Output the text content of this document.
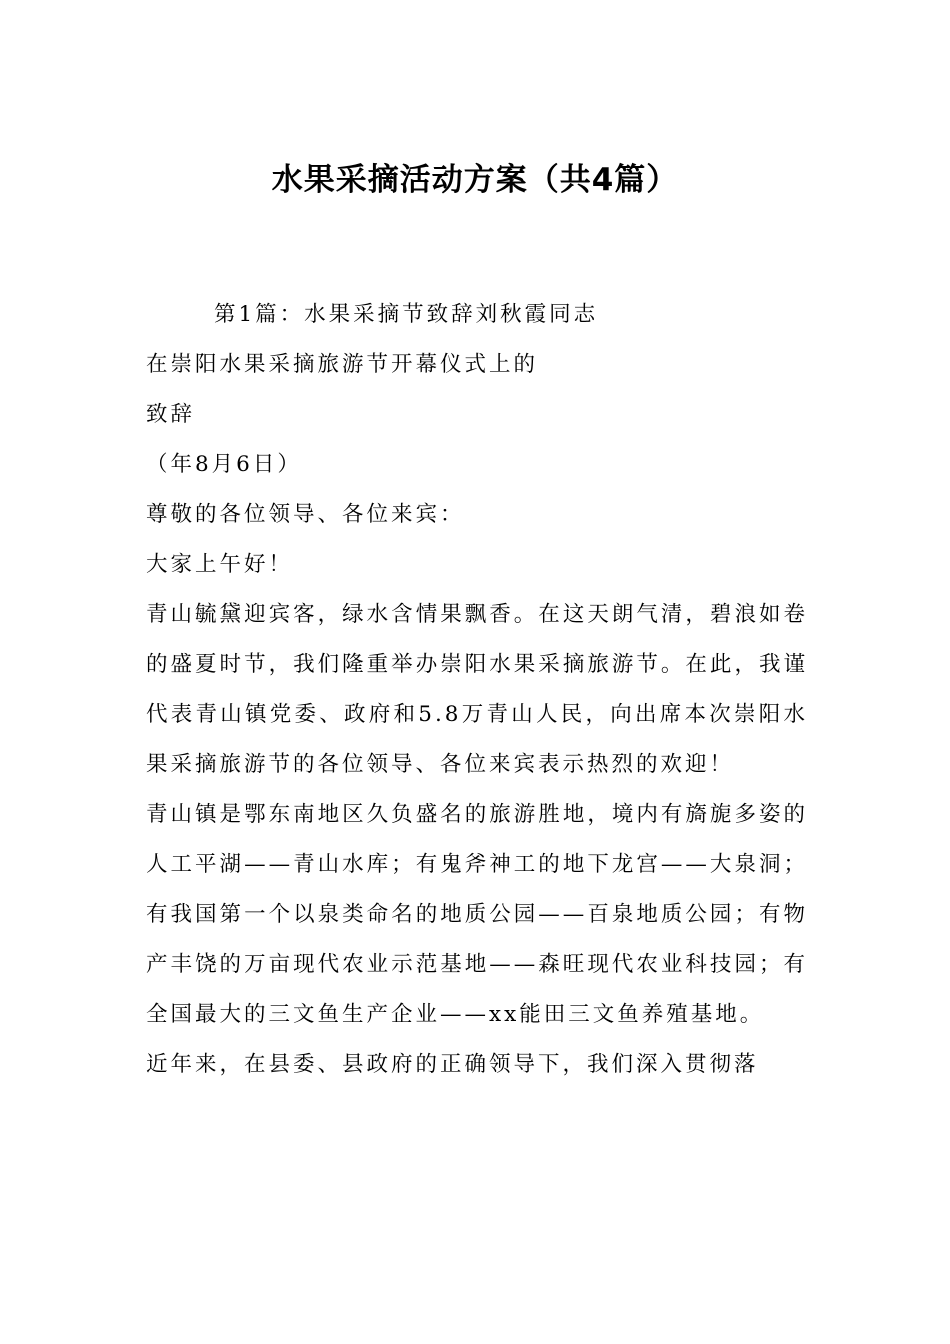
水果采摘活动方案（共4篇）

第1篇：水果采摘节致辞刘秋霞同志

在崇阳水果采摘旅游节开幕仪式上的

致辞

（年8月6日）

尊敬的各位领导、各位来宾：

大家上午好！

青山毓黛迎宾客，绿水含情果飘香。在这天朗气清，碧浪如卷的盛夏时节，我们隆重举办崇阳水果采摘旅游节。在此，我谨代表青山镇党委、政府和5.8万青山人民，向出席本次崇阳水果采摘旅游节的各位领导、各位来宾表示热烈的欢迎！

青山镇是鄂东南地区久负盛名的旅游胜地，境内有旖旎多姿的人工平湖——青山水库；有鬼斧神工的地下龙宫——大泉洞；有我国第一个以泉类命名的地质公园——百泉地质公园；有物产丰饶的万亩现代农业示范基地——森旺现代农业科技园；有全国最大的三文鱼生产企业——xx能田三文鱼养殖基地。

近年来，在县委、县政府的正确领导下，我们深入贯彻落
